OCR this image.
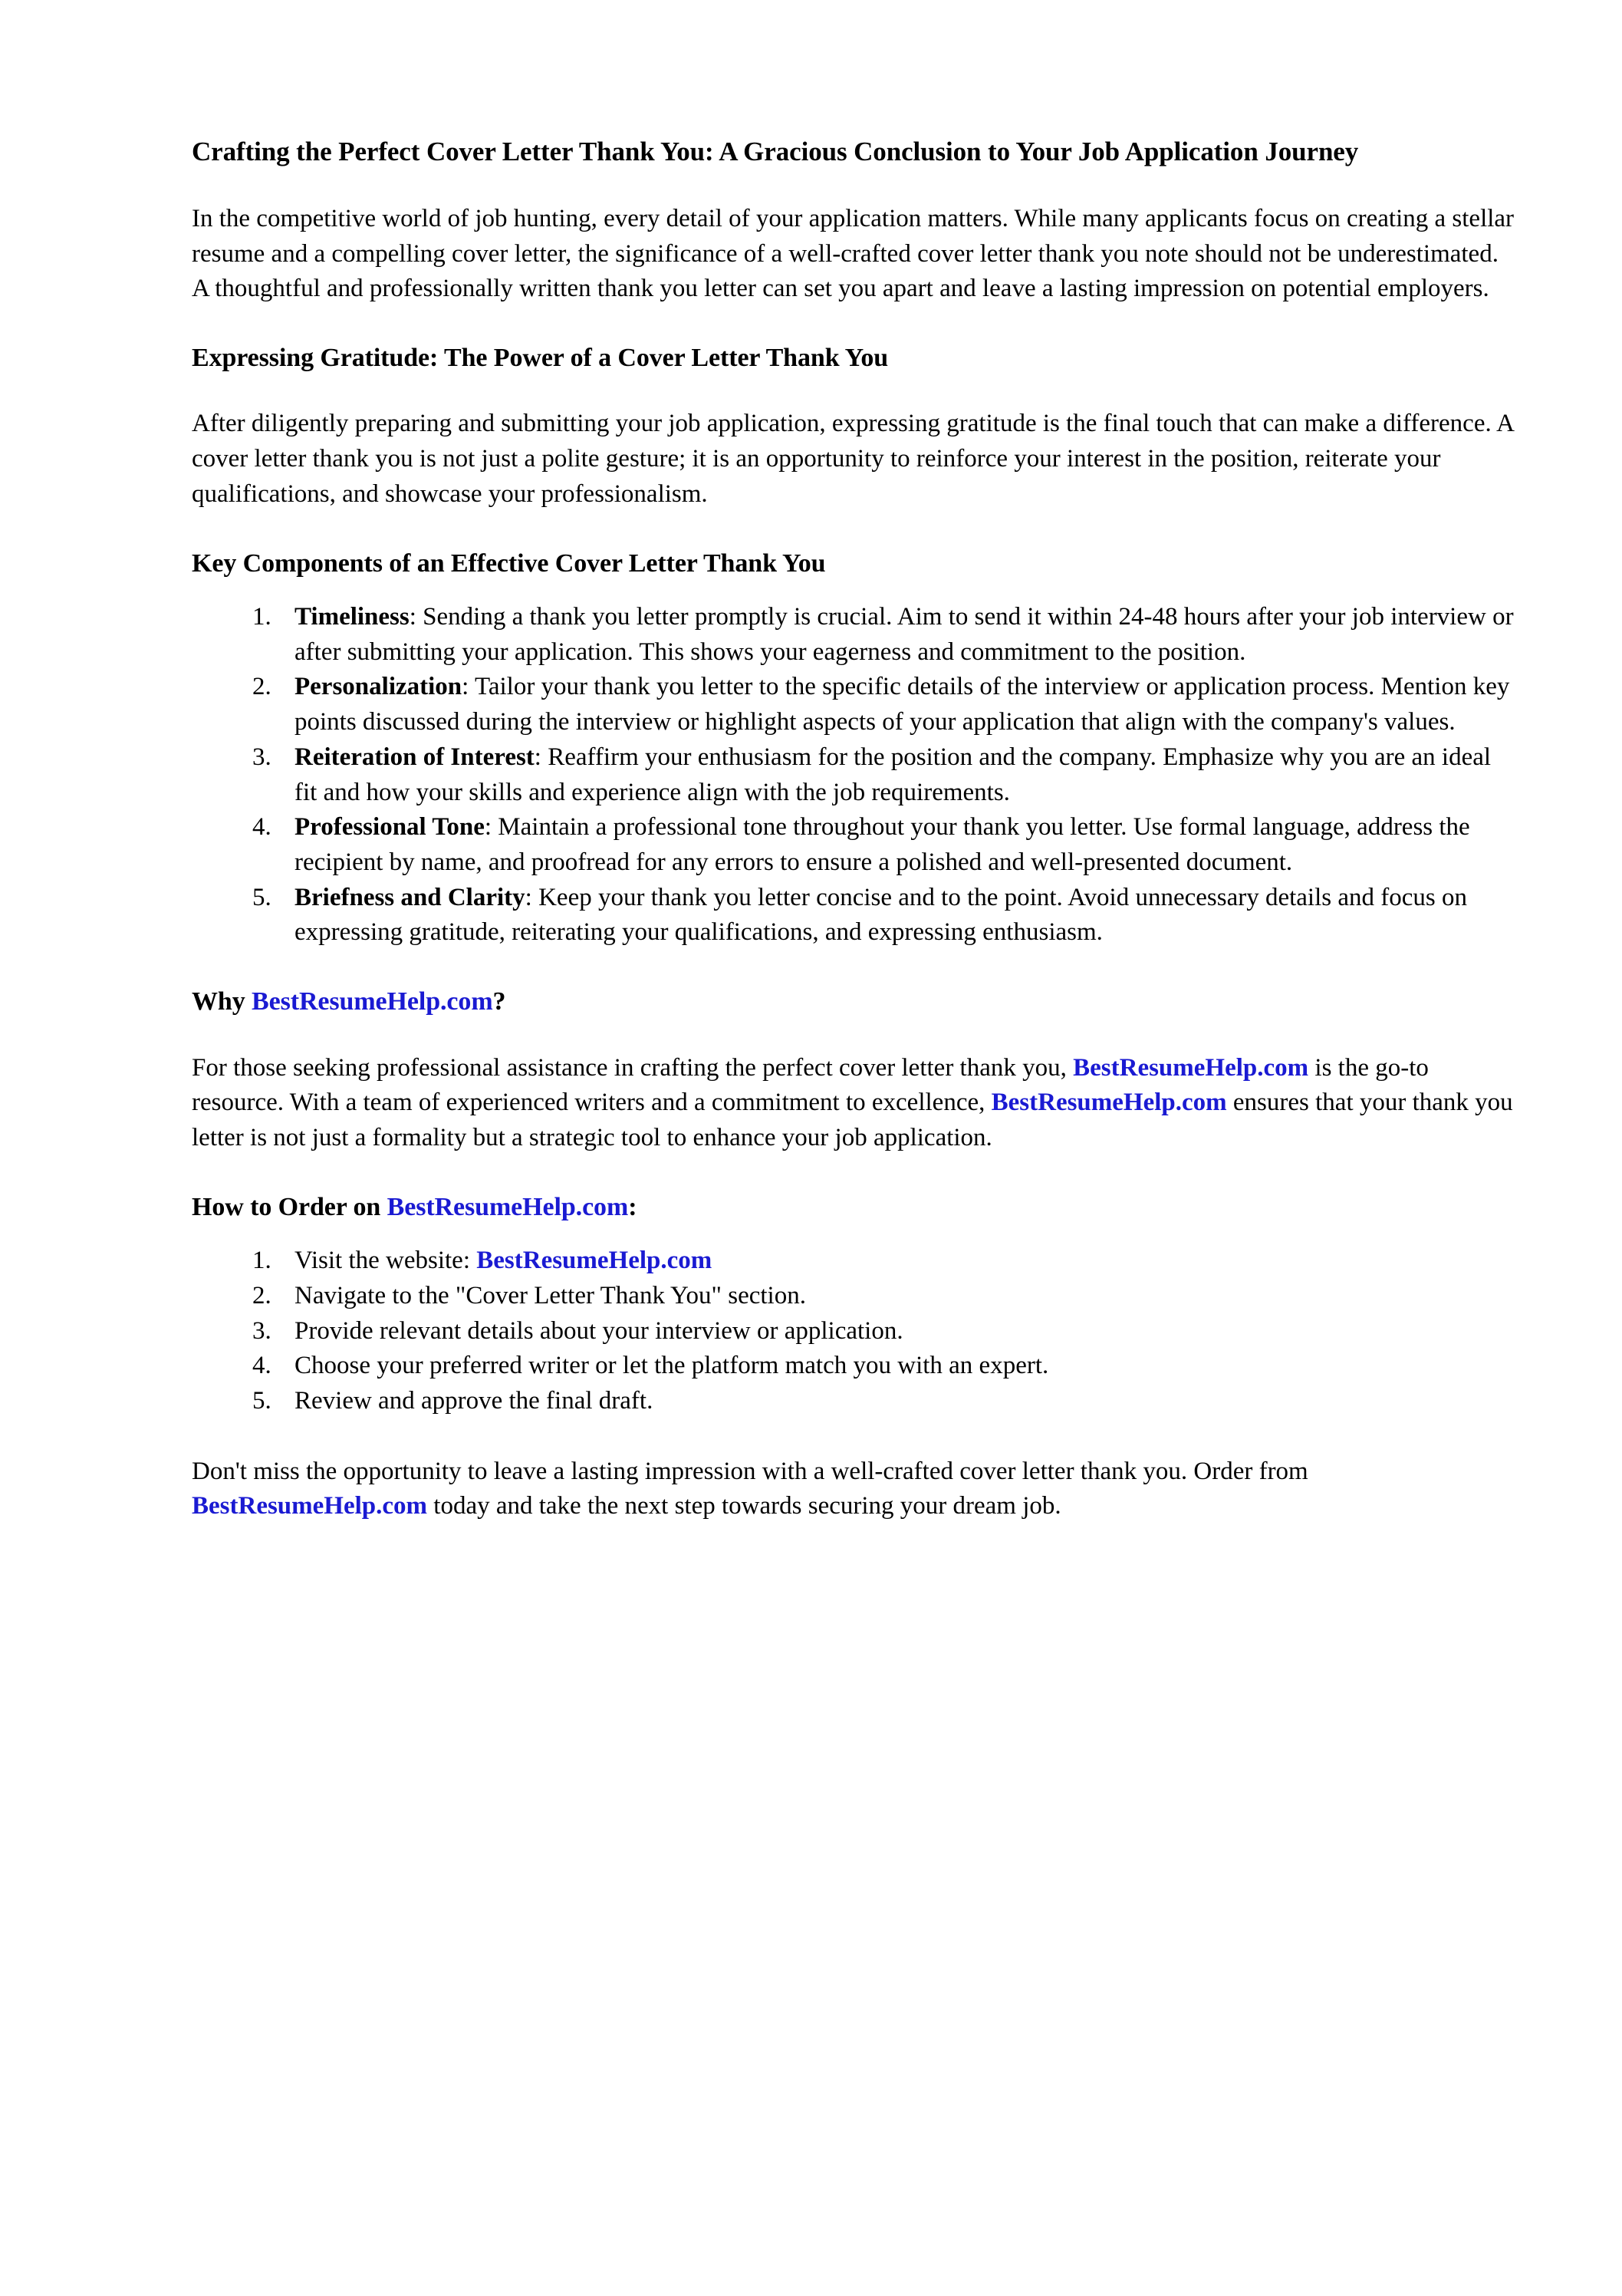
Crafting the Perfect Cover Letter Thank You: A Gracious Conclusion to Your Job Application Journey

In the competitive world of job hunting, every detail of your application matters. While many applicants focus on creating a stellar resume and a compelling cover letter, the significance of a well-crafted cover letter thank you note should not be underestimated. A thoughtful and professionally written thank you letter can set you apart and leave a lasting impression on potential employers.

Expressing Gratitude: The Power of a Cover Letter Thank You

After diligently preparing and submitting your job application, expressing gratitude is the final touch that can make a difference. A cover letter thank you is not just a polite gesture; it is an opportunity to reinforce your interest in the position, reiterate your qualifications, and showcase your professionalism.

Key Components of an Effective Cover Letter Thank You
1. Timeliness: Sending a thank you letter promptly is crucial. Aim to send it within 24-48 hours after your job interview or after submitting your application. This shows your eagerness and commitment to the position.
2. Personalization: Tailor your thank you letter to the specific details of the interview or application process. Mention key points discussed during the interview or highlight aspects of your application that align with the company's values.
3. Reiteration of Interest: Reaffirm your enthusiasm for the position and the company. Emphasize why you are an ideal fit and how your skills and experience align with the job requirements.
4. Professional Tone: Maintain a professional tone throughout your thank you letter. Use formal language, address the recipient by name, and proofread for any errors to ensure a polished and well-presented document.
5. Briefness and Clarity: Keep your thank you letter concise and to the point. Avoid unnecessary details and focus on expressing gratitude, reiterating your qualifications, and expressing enthusiasm.
Why BestResumeHelp.com?

For those seeking professional assistance in crafting the perfect cover letter thank you, BestResumeHelp.com is the go-to resource. With a team of experienced writers and a commitment to excellence, BestResumeHelp.com ensures that your thank you letter is not just a formality but a strategic tool to enhance your job application.

How to Order on BestResumeHelp.com:
1. Visit the website: BestResumeHelp.com
2. Navigate to the "Cover Letter Thank You" section.
3. Provide relevant details about your interview or application.
4. Choose your preferred writer or let the platform match you with an expert.
5. Review and approve the final draft.

Don't miss the opportunity to leave a lasting impression with a well-crafted cover letter thank you. Order from BestResumeHelp.com today and take the next step towards securing your dream job.
